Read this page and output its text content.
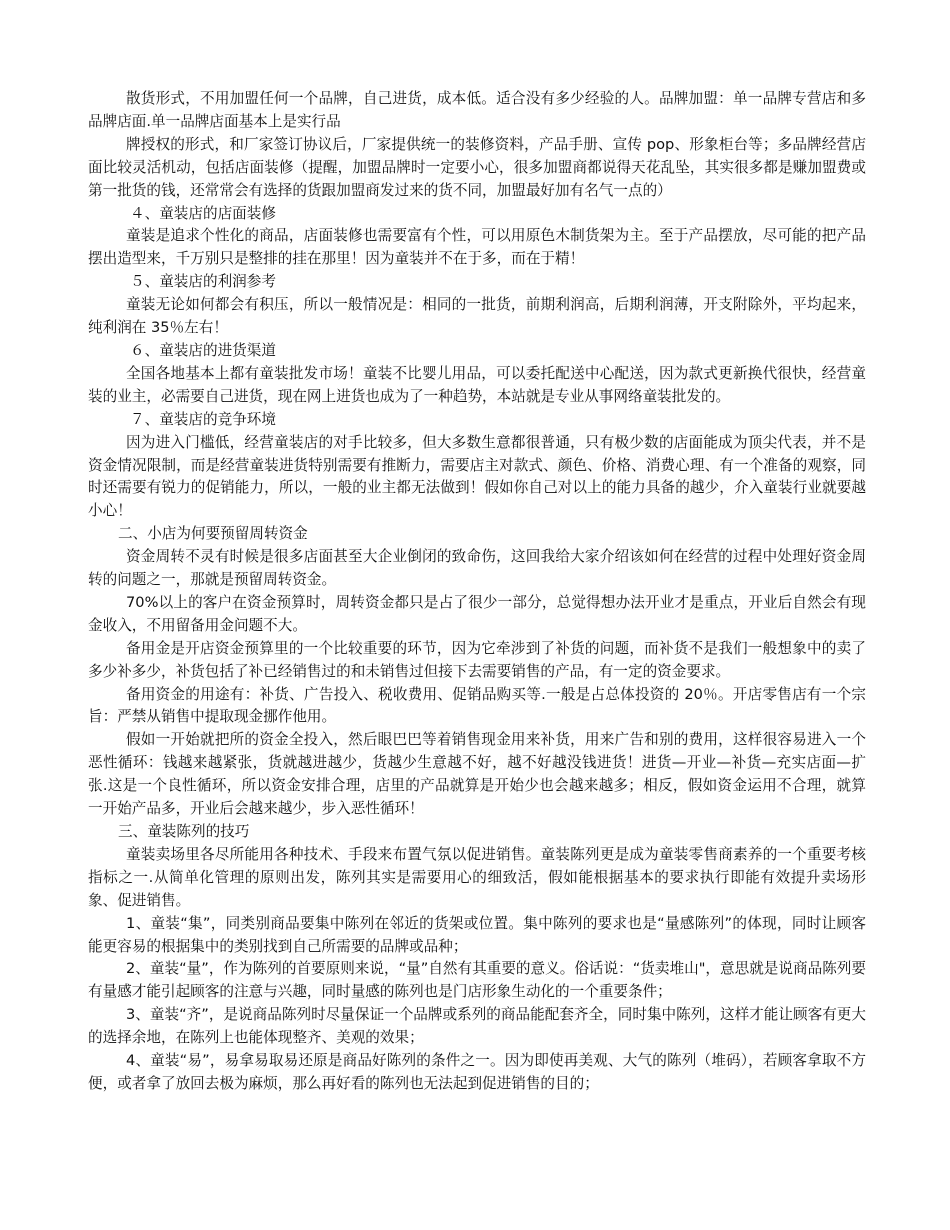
散货形式，不用加盟任何一个品牌，自己进货，成本低。适合没有多少经验的人。品牌加盟：单一品牌专营店和多品牌店面.单一品牌店面基本上是实行品

牌授权的形式，和厂家签订协议后，厂家提供统一的装修资料，产品手册、宣传 pop、形象柜台等；多品牌经营店面比较灵活机动，包括店面装修（提醒，加盟品牌时一定要小心，很多加盟商都说得天花乱坠，其实很多都是赚加盟费或第一批货的钱，还常常会有选择的货跟加盟商发过来的货不同，加盟最好加有名气一点的）

４、童装店的店面装修

童装是追求个性化的商品，店面装修也需要富有个性，可以用原色木制货架为主。至于产品摆放，尽可能的把产品摆出造型来，千万别只是整排的挂在那里！因为童装并不在于多，而在于精！

５、童装店的利润参考

童装无论如何都会有积压，所以一般情况是：相同的一批货，前期利润高，后期利润薄，开支附除外，平均起来，纯利润在 35％左右！

６、童装店的进货渠道

全国各地基本上都有童装批发市场！童装不比婴儿用品，可以委托配送中心配送，因为款式更新换代很快，经营童装的业主，必需要自己进货，现在网上进货也成为了一种趋势，本站就是专业从事网络童装批发的。

７、童装店的竞争环境

因为进入门槛低，经营童装店的对手比较多，但大多数生意都很普通，只有极少数的店面能成为顶尖代表，并不是资金情况限制，而是经营童装进货特别需要有推断力，需要店主对款式、颜色、价格、消费心理、有一个准备的观察，同时还需要有锐力的促销能力，所以，一般的业主都无法做到！假如你自己对以上的能力具备的越少，介入童装行业就要越小心！

二、小店为何要预留周转资金

资金周转不灵有时候是很多店面甚至大企业倒闭的致命伤，这回我给大家介绍该如何在经营的过程中处理好资金周转的问题之一，那就是预留周转资金。

70%以上的客户在资金预算时，周转资金都只是占了很少一部分，总觉得想办法开业才是重点，开业后自然会有现金收入，不用留备用金问题不大。

备用金是开店资金预算里的一个比较重要的环节，因为它牵涉到了补货的问题，而补货不是我们一般想象中的卖了多少补多少，补货包括了补已经销售过的和未销售过但接下去需要销售的产品，有一定的资金要求。

备用资金的用途有：补货、广告投入、税收费用、促销品购买等.一般是占总体投资的 20％。开店零售店有一个宗旨：严禁从销售中提取现金挪作他用。

假如一开始就把所的资金全投入，然后眼巴巴等着销售现金用来补货，用来广告和别的费用，这样很容易进入一个恶性循环：钱越来越紧张，货就越进越少，货越少生意越不好，越不好越没钱进货！进货—开业—补货—充实店面—扩张.这是一个良性循环，所以资金安排合理，店里的产品就算是开始少也会越来越多；相反，假如资金运用不合理，就算一开始产品多，开业后会越来越少，步入恶性循环！

三、童装陈列的技巧

童装卖场里各尽所能用各种技术、手段来布置气氛以促进销售。童装陈列更是成为童装零售商素养的一个重要考核指标之一.从简单化管理的原则出发，陈列其实是需要用心的细致活，假如能根据基本的要求执行即能有效提升卖场形象、促进销售。

1、童装“集”，同类别商品要集中陈列在邻近的货架或位置。集中陈列的要求也是“量感陈列”的体现，同时让顾客能更容易的根据集中的类别找到自己所需要的品牌或品种；

2、童装“量”，作为陈列的首要原则来说，“量”自然有其重要的意义。俗话说：“货卖堆山"，意思就是说商品陈列要有量感才能引起顾客的注意与兴趣，同时量感的陈列也是门店形象生动化的一个重要条件；

3、童装“齐”，是说商品陈列时尽量保证一个品牌或系列的商品能配套齐全，同时集中陈列，这样才能让顾客有更大的选择余地，在陈列上也能体现整齐、美观的效果；

4、童装“易”，易拿易取易还原是商品好陈列的条件之一。因为即使再美观、大气的陈列（堆码），若顾客拿取不方便，或者拿了放回去极为麻烦，那么再好看的陈列也无法起到促进销售的目的；
